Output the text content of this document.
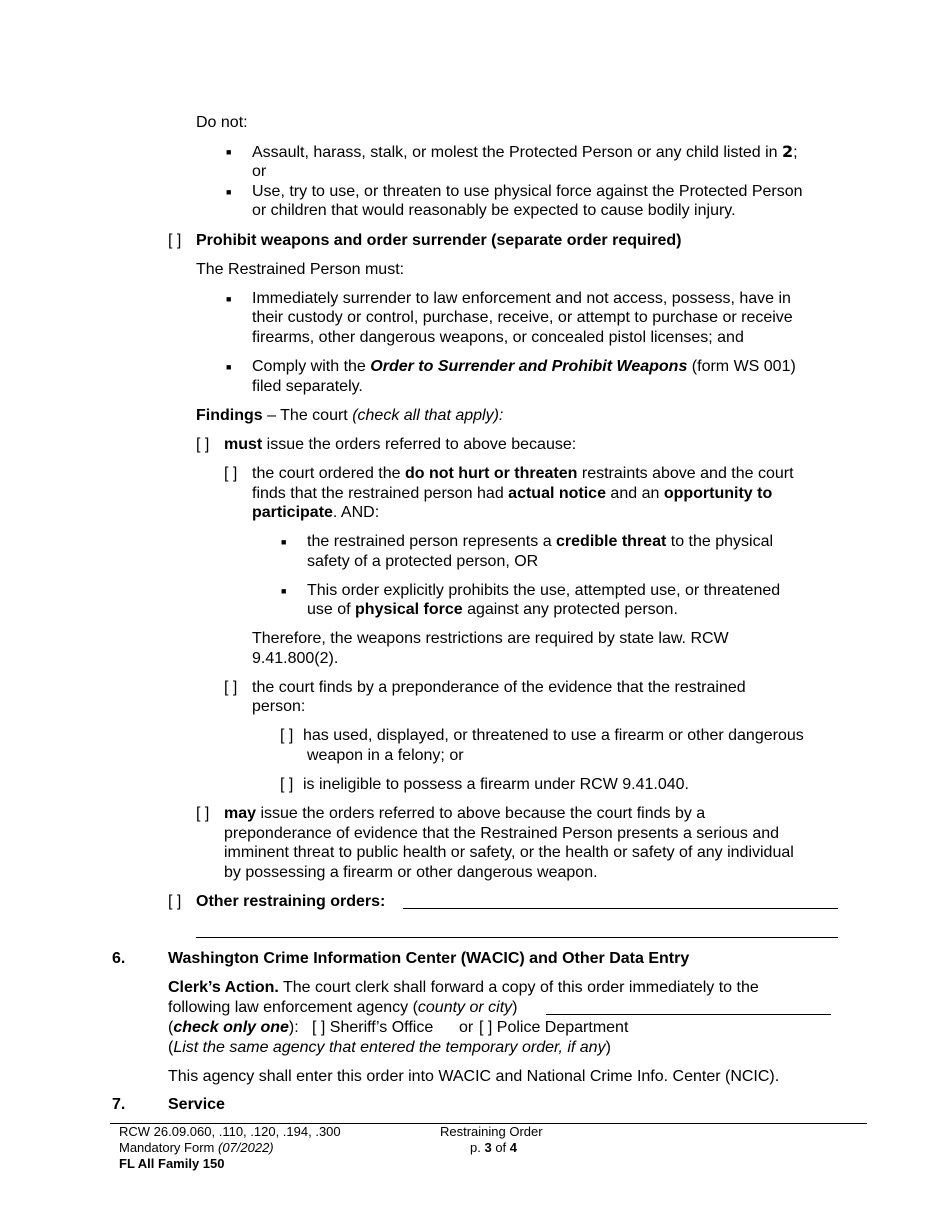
Do not:

■ Assault, harass, stalk, or molest the Protected Person or any child listed in 2;

or

■ Use, try to use, or threaten to use physical force against the Protected Person

or children that would reasonably be expected to cause bodily injury.

[ ] Prohibit weapons and order surrender (separate order required)

The Restrained Person must:

■ Immediately surrender to law enforcement and not access, possess, have in

their custody or control, purchase, receive, or attempt to purchase or receive

firearms, other dangerous weapons, or concealed pistol licenses; and

■ Comply with the Order to Surrender and Prohibit Weapons (form WS 001)

filed separately.

Findings – The court (check all that apply):

[ ] must issue the orders referred to above because:

[ ] the court ordered the do not hurt or threaten restraints above and the court

finds that the restrained person had actual notice and an opportunity to

participate. AND:

■ the restrained person represents a credible threat to the physical

safety of a protected person, OR

■ This order explicitly prohibits the use, attempted use, or threatened

use of physical force against any protected person.

Therefore, the weapons restrictions are required by state law. RCW

9.41.800(2).

[ ] the court finds by a preponderance of the evidence that the restrained

person:

[ ] has used, displayed, or threatened to use a firearm or other dangerous

weapon in a felony; or

[ ] is ineligible to possess a firearm under RCW 9.41.040.

[ ] may issue the orders referred to above because the court finds by a

preponderance of evidence that the Restrained Person presents a serious and

imminent threat to public health or safety, or the health or safety of any individual

by possessing a firearm or other dangerous weapon.

[ ] Other restraining orders:

6.	Washington Crime Information Center (WACIC) and Other Data Entry

Clerk’s Action. The court clerk shall forward a copy of this order immediately to the

following law enforcement agency (county or city)

(check only one): [ ] Sheriff’s Office or [ ] Police Department

(List the same agency that entered the temporary order, if any)

This agency shall enter this order into WACIC and National Crime Info. Center (NCIC).

7.	Service

RCW 26.09.060, .110, .120, .194, .300

Mandatory Form (07/2022)

FL All Family 150

Restraining Order

p. 3 of 4
